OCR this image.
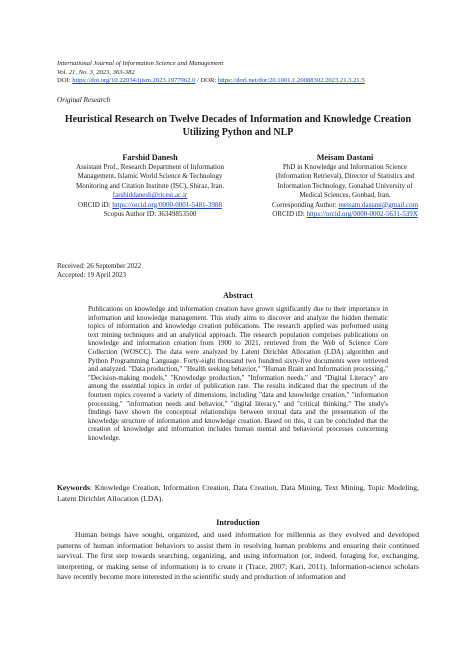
International Journal of Information Science and Management
Vol. 21, No. 3, 2023, 363-382
DOI: https://doi.org/10.22034/ijism.2023.1977962.0 / DOR: https://dorl.net/dor/20.1001.1.20088302.2023.21.3.21.5
Original Research
Heuristical Research on Twelve Decades of Information and Knowledge Creation Utilizing Python and NLP
Farshid Danesh
Assistant Prof., Research Department of Information
Management, Islamic World Science & Technology
Monitoring and Citation Institute (ISC), Shiraz, Iran.
farshiddanesh@ricest.ac.ir
ORCID iD: https://orcid.org/0000-0001-5481-3988
Scopus Author ID: 36349853500
Meisam Dastani
PhD in Knowledge and Information Science
(Information Retrieval), Director of Statistics and
Information Technology, Gonabad University of
Medical Sciences, Gonbad, Iran.
Corresponding Author: meisam.dastani@gmail.com
ORCID iD: https://orcid.org/0000-0002-5631-539X
Received: 26 September 2022
Accepted: 19 April 2023
Abstract
Publications on knowledge and information creation have grown significantly due to their importance in information and knowledge management. This study aims to discover and analyze the hidden thematic topics of information and knowledge creation publications. The research applied was performed using text mining techniques and an analytical approach. The research population comprises publications on knowledge and information creation from 1900 to 2021, retrieved from the Web of Science Core Collection (WOSCC). The data were analyzed by Latent Dirichlet Allocation (LDA) algorithm and Python Programming Language. Forty-eight thousand two hundred sixty-five documents were retrieved and analyzed. "Data production," "Health seeking behavior," "Human Brain and Information processing," "Decision-making models," "Knowledge production," "Information needs," and "Digital Literacy" are among the essential topics in order of publication rate. The results indicated that the spectrum of the fourteen topics covered a variety of dimensions, including "data and knowledge creation," "information processing," "information needs and behavior," "digital literacy," and "critical thinking." The study's findings have shown the conceptual relationships between textual data and the presentation of the knowledge structure of information and knowledge creation. Based on this, it can be concluded that the creation of knowledge and information includes human mental and behavioral processes concerning knowledge.
Keywords: Knowledge Creation, Information Creation, Data Creation, Data Mining, Text Mining, Topic Modeling, Latent Dirichlet Allocation (LDA).
Introduction
Human beings have sought, organized, and used information for millennia as they evolved and developed patterns of human information behaviors to assist them in resolving human problems and ensuring their continued survival. The first step towards searching, organizing, and using information (or, indeed, foraging for, exchanging, interpreting, or making sense of information) is to create it (Trace, 2007; Kari, 2011). Information-science scholars have recently become more interested in the scientific study and production of information and
